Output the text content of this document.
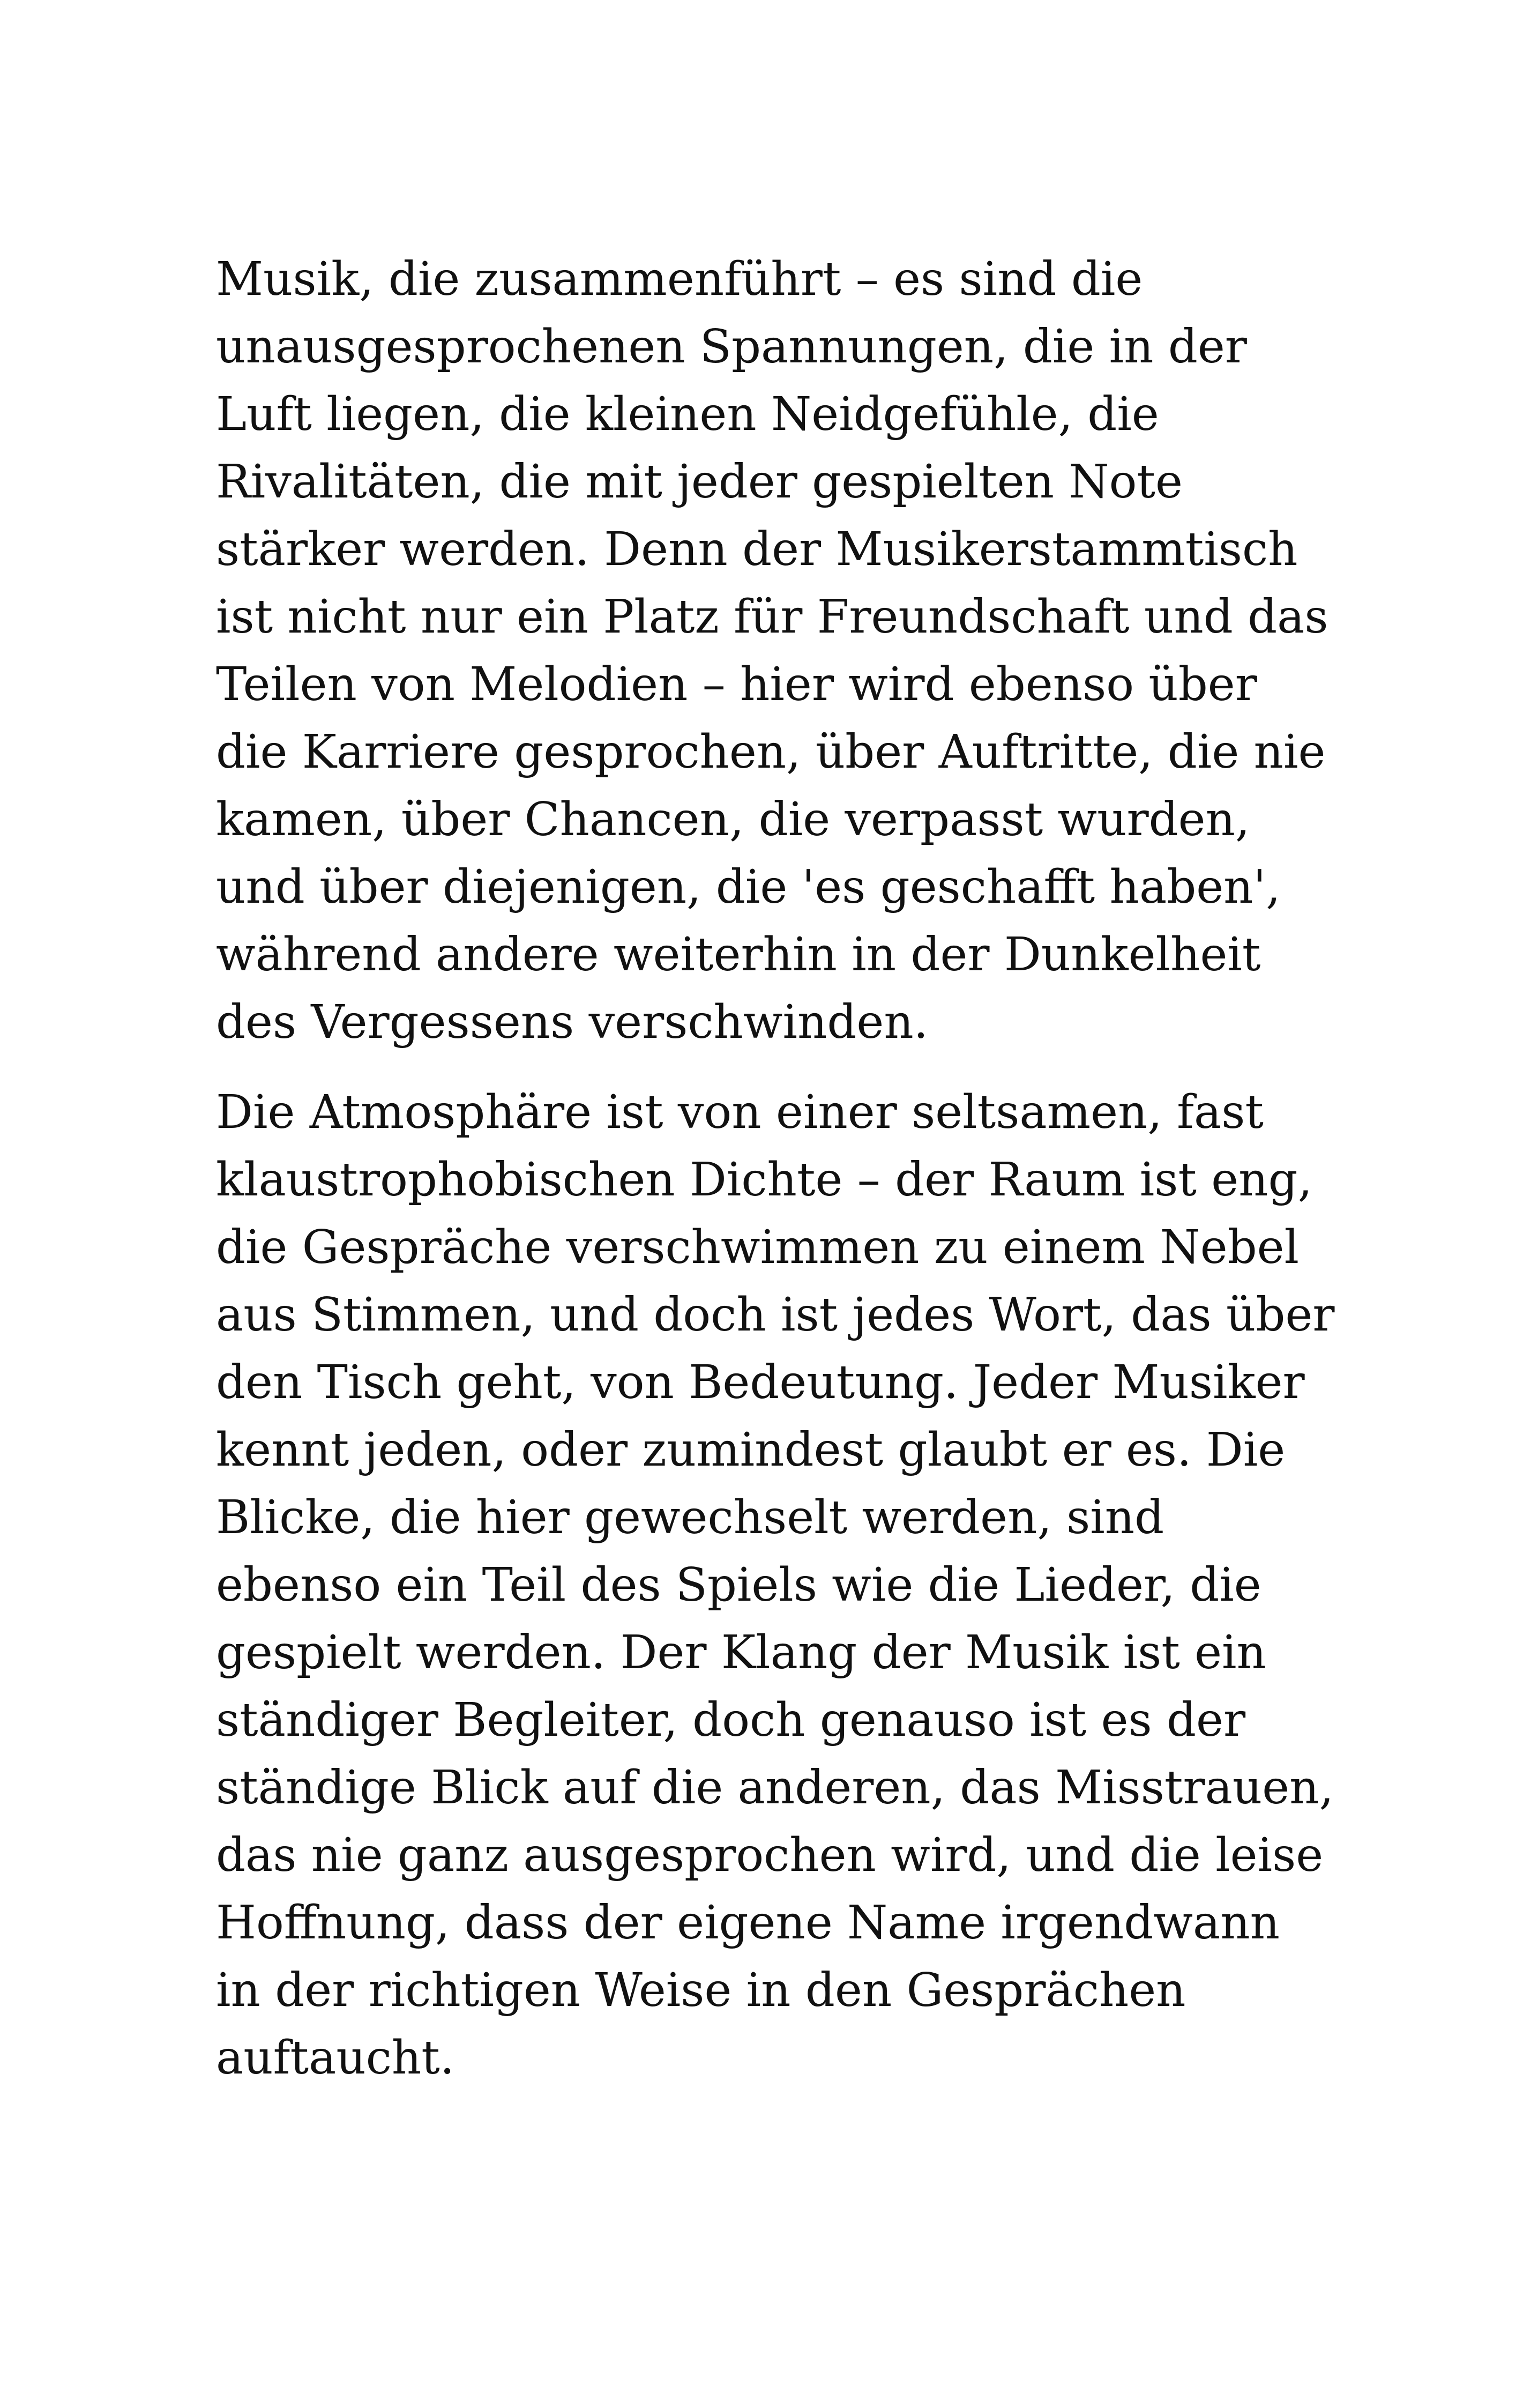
Musik, die zusammenführt – es sind die
unausgesprochenen Spannungen, die in der
Luft liegen, die kleinen Neidgefühle, die
Rivalitäten, die mit jeder gespielten Note
stärker werden. Denn der Musikerstammtisch
ist nicht nur ein Platz für Freundschaft und das
Teilen von Melodien – hier wird ebenso über
die Karriere gesprochen, über Auftritte, die nie
kamen, über Chancen, die verpasst wurden,
und über diejenigen, die 'es geschafft haben',
während andere weiterhin in der Dunkelheit
des Vergessens verschwinden.

Die Atmosphäre ist von einer seltsamen, fast
klaustrophobischen Dichte – der Raum ist eng,
die Gespräche verschwimmen zu einem Nebel
aus Stimmen, und doch ist jedes Wort, das über
den Tisch geht, von Bedeutung. Jeder Musiker
kennt jeden, oder zumindest glaubt er es. Die
Blicke, die hier gewechselt werden, sind
ebenso ein Teil des Spiels wie die Lieder, die
gespielt werden. Der Klang der Musik ist ein
ständiger Begleiter, doch genauso ist es der
ständige Blick auf die anderen, das Misstrauen,
das nie ganz ausgesprochen wird, und die leise
Hoffnung, dass der eigene Name irgendwann
in der richtigen Weise in den Gesprächen
auftaucht.
